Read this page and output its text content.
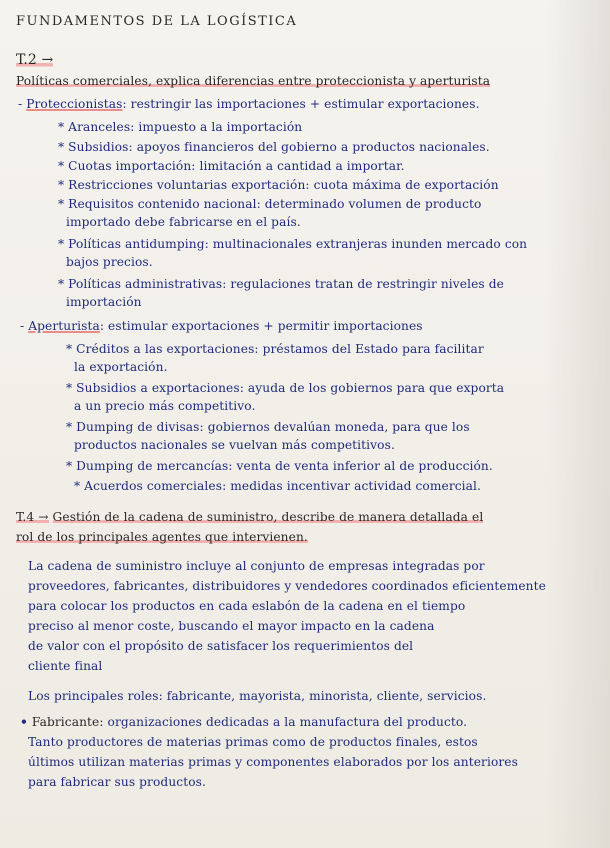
FUNDAMENTOS DE LA LOGÍSTICA
T.2 →
Políticas comerciales, explica diferencias entre proteccionista y aperturista
- Proteccionistas: restringir las importaciones + estimular exportaciones.
* Aranceles: impuesto a la importación
* Subsidios: apoyos financieros del gobierno a productos nacionales.
* Cuotas importación: limitación a cantidad a importar.
* Restricciones voluntarias exportación: cuota máxima de exportación
* Requisitos contenido nacional: determinado volumen de producto
importado debe fabricarse en el país.
* Políticas antidumping: multinacionales extranjeras inunden mercado con
bajos precios.
* Políticas administrativas: regulaciones tratan de restringir niveles de
importación
- Aperturista: estimular exportaciones + permitir importaciones
* Créditos a las exportaciones: préstamos del Estado para facilitar
la exportación.
* Subsidios a exportaciones: ayuda de los gobiernos para que exporta
a un precio más competitivo.
* Dumping de divisas: gobiernos devalúan moneda, para que los
productos nacionales se vuelvan más competitivos.
* Dumping de mercancías: venta de venta inferior al de producción.
* Acuerdos comerciales: medidas incentivar actividad comercial.
T.4 → Gestión de la cadena de suministro, describe de manera detallada el
rol de los principales agentes que intervienen.
La cadena de suministro incluye al conjunto de empresas integradas por
proveedores, fabricantes, distribuidores y vendedores coordinados eficientemente
para colocar los productos en cada eslabón de la cadena en el tiempo
preciso al menor coste, buscando el mayor impacto en la cadena
de valor con el propósito de satisfacer los requerimientos del
cliente final
Los principales roles: fabricante, mayorista, minorista, cliente, servicios.
• Fabricante: organizaciones dedicadas a la manufactura del producto.
Tanto productores de materias primas como de productos finales, estos
últimos utilizan materias primas y componentes elaborados por los anteriores
para fabricar sus productos.
